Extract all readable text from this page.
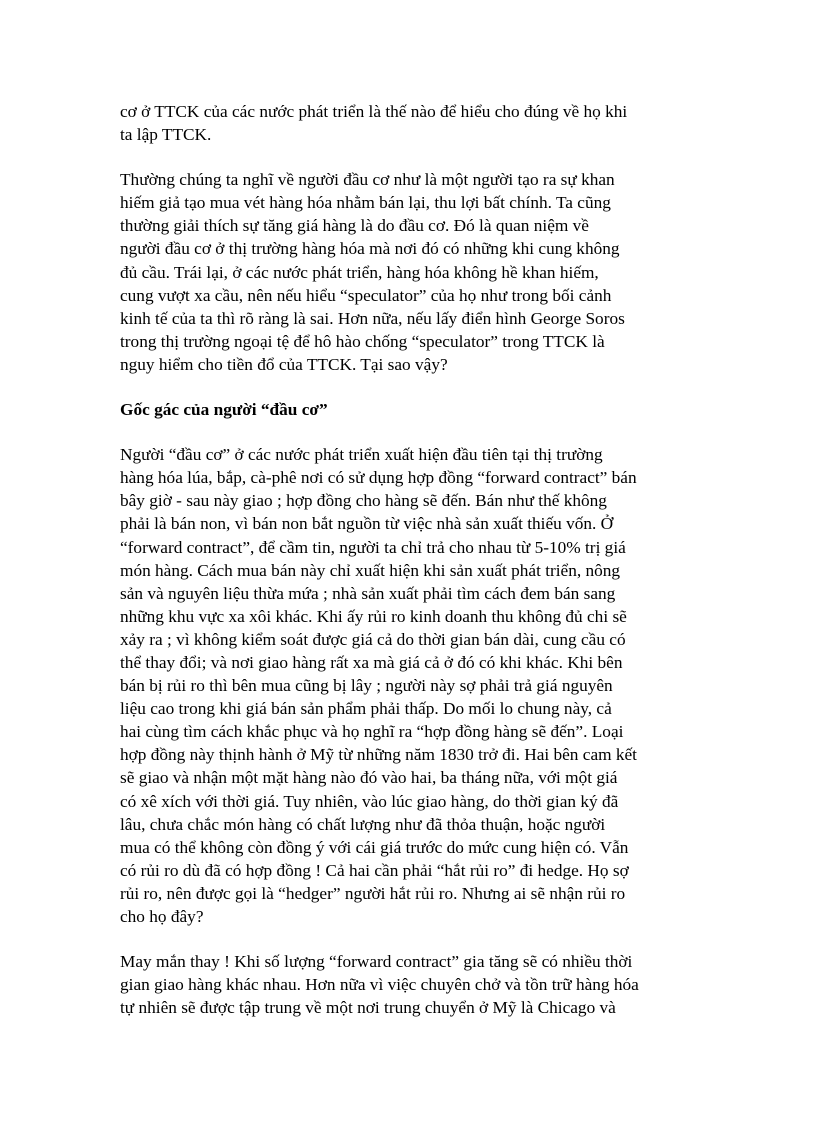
cơ ở TTCK của các nước phát triển là thế nào để hiểu cho đúng về họ khi
ta lập TTCK.

Thường chúng ta nghĩ về người đầu cơ như là một người tạo ra sự khan
hiếm giả tạo mua vét hàng hóa nhằm bán lại, thu lợi bất chính. Ta cũng
thường giải thích sự tăng giá hàng là do đầu cơ. Đó là quan niệm về
người đầu cơ ở thị trường hàng hóa mà nơi đó có những khi cung không
đủ cầu. Trái lại, ở các nước phát triển, hàng hóa không hề khan hiếm,
cung vượt xa cầu, nên nếu hiểu “speculator” của họ như trong bối cảnh
kinh tế của ta thì rõ ràng là sai. Hơn nữa, nếu lấy điển hình George Soros
trong thị trường ngoại tệ để hô hào chống “speculator” trong TTCK là
nguy hiểm cho tiền đổ của TTCK. Tại sao vậy?

Gốc gác của người “đầu cơ”

Người “đầu cơ” ở các nước phát triển xuất hiện đầu tiên tại thị trường
hàng hóa lúa, bắp, cà-phê nơi có sử dụng hợp đồng “forward contract” bán
bây giờ - sau này giao ; hợp đồng cho hàng sẽ đến. Bán như thế không
phải là bán non, vì bán non bắt nguồn từ việc nhà sản xuất thiếu vốn. Ở
“forward contract”, để cầm tin, người ta chỉ trả cho nhau từ 5-10% trị giá
món hàng. Cách mua bán này chỉ xuất hiện khi sản xuất phát triển, nông
sản và nguyên liệu thừa mứa ; nhà sản xuất phải tìm cách đem bán sang
những khu vực xa xôi khác. Khi ấy rủi ro kinh doanh thu không đủ chi sẽ
xảy ra ; vì không kiểm soát được giá cả do thời gian bán dài, cung cầu có
thể thay đổi; và nơi giao hàng rất xa mà giá cả ở đó có khi khác. Khi bên
bán bị rủi ro thì bên mua cũng bị lây ; người này sợ phải trả giá nguyên
liệu cao trong khi giá bán sản phẩm phải thấp. Do mối lo chung này, cả
hai cùng tìm cách khắc phục và họ nghĩ ra “hợp đồng hàng sẽ đến”. Loại
hợp đồng này thịnh hành ở Mỹ từ những năm 1830 trở đi. Hai bên cam kết
sẽ giao và nhận một mặt hàng nào đó vào hai, ba tháng nữa, với một giá
có xê xích với thời giá. Tuy nhiên, vào lúc giao hàng, do thời gian ký đã
lâu, chưa chắc món hàng có chất lượng như đã thỏa thuận, hoặc người
mua có thể không còn đồng ý với cái giá trước do mức cung hiện có. Vẫn
có rủi ro dù đã có hợp đồng ! Cả hai cần phải “hắt rủi ro” đi hedge. Họ sợ
rủi ro, nên được gọi là “hedger” người hắt rủi ro. Nhưng ai sẽ nhận rủi ro
cho họ đây?

May mắn thay ! Khi số lượng “forward contract” gia tăng sẽ có nhiều thời
gian giao hàng khác nhau. Hơn nữa vì việc chuyên chở và tồn trữ hàng hóa
tự nhiên sẽ được tập trung về một nơi trung chuyển ở Mỹ là Chicago và
